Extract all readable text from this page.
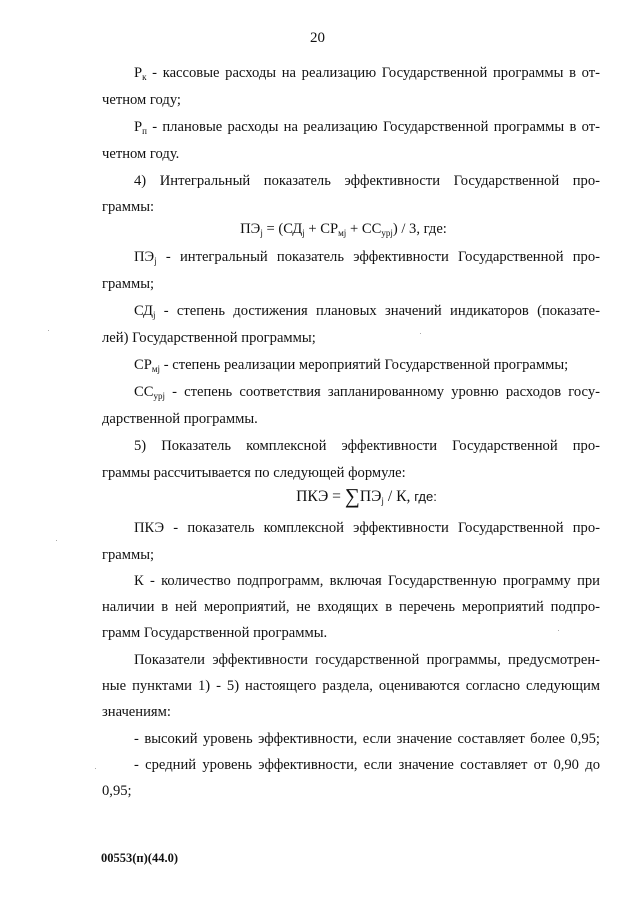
20

$Р_к$ - кассовые расходы на реализацию Государственной программы в от-

четном году;

$Р_п$ - плановые расходы на реализацию Государственной программы в от-

четном году.

4) Интегральный показатель эффективности Государственной про-

граммы:

$ПЭ_j = (СД_j + СР_{мj} + СС_{урj}) / 3$, где:

$ПЭ_j$ - интегральный показатель эффективности Государственной про-

граммы;

$СД_j$ - степень достижения плановых значений индикаторов (показате-

лей) Государственной программы;

$СР_{мj}$ - степень реализации мероприятий Государственной программы;

$СС_{урj}$ - степень соответствия запланированному уровню расходов госу-

дарственной программы.

5) Показатель комплексной эффективности Государственной про-

граммы рассчитывается по следующей формуле:

ПКЭ = $\sum ПЭ_j$ / К, где:

ПКЭ - показатель комплексной эффективности Государственной про-

граммы;

К - количество подпрограмм, включая Государственную программу при

наличии в ней мероприятий, не входящих в перечень мероприятий подпро-

грамм Государственной программы.

Показатели эффективности государственной программы, предусмотрен-

ные пунктами 1) - 5) настоящего раздела, оцениваются согласно следующим

значениям:

- высокий уровень эффективности, если значение составляет более 0,95;

- средний уровень эффективности, если значение составляет от 0,90 до

0,95;

00553(п)(44.0)
